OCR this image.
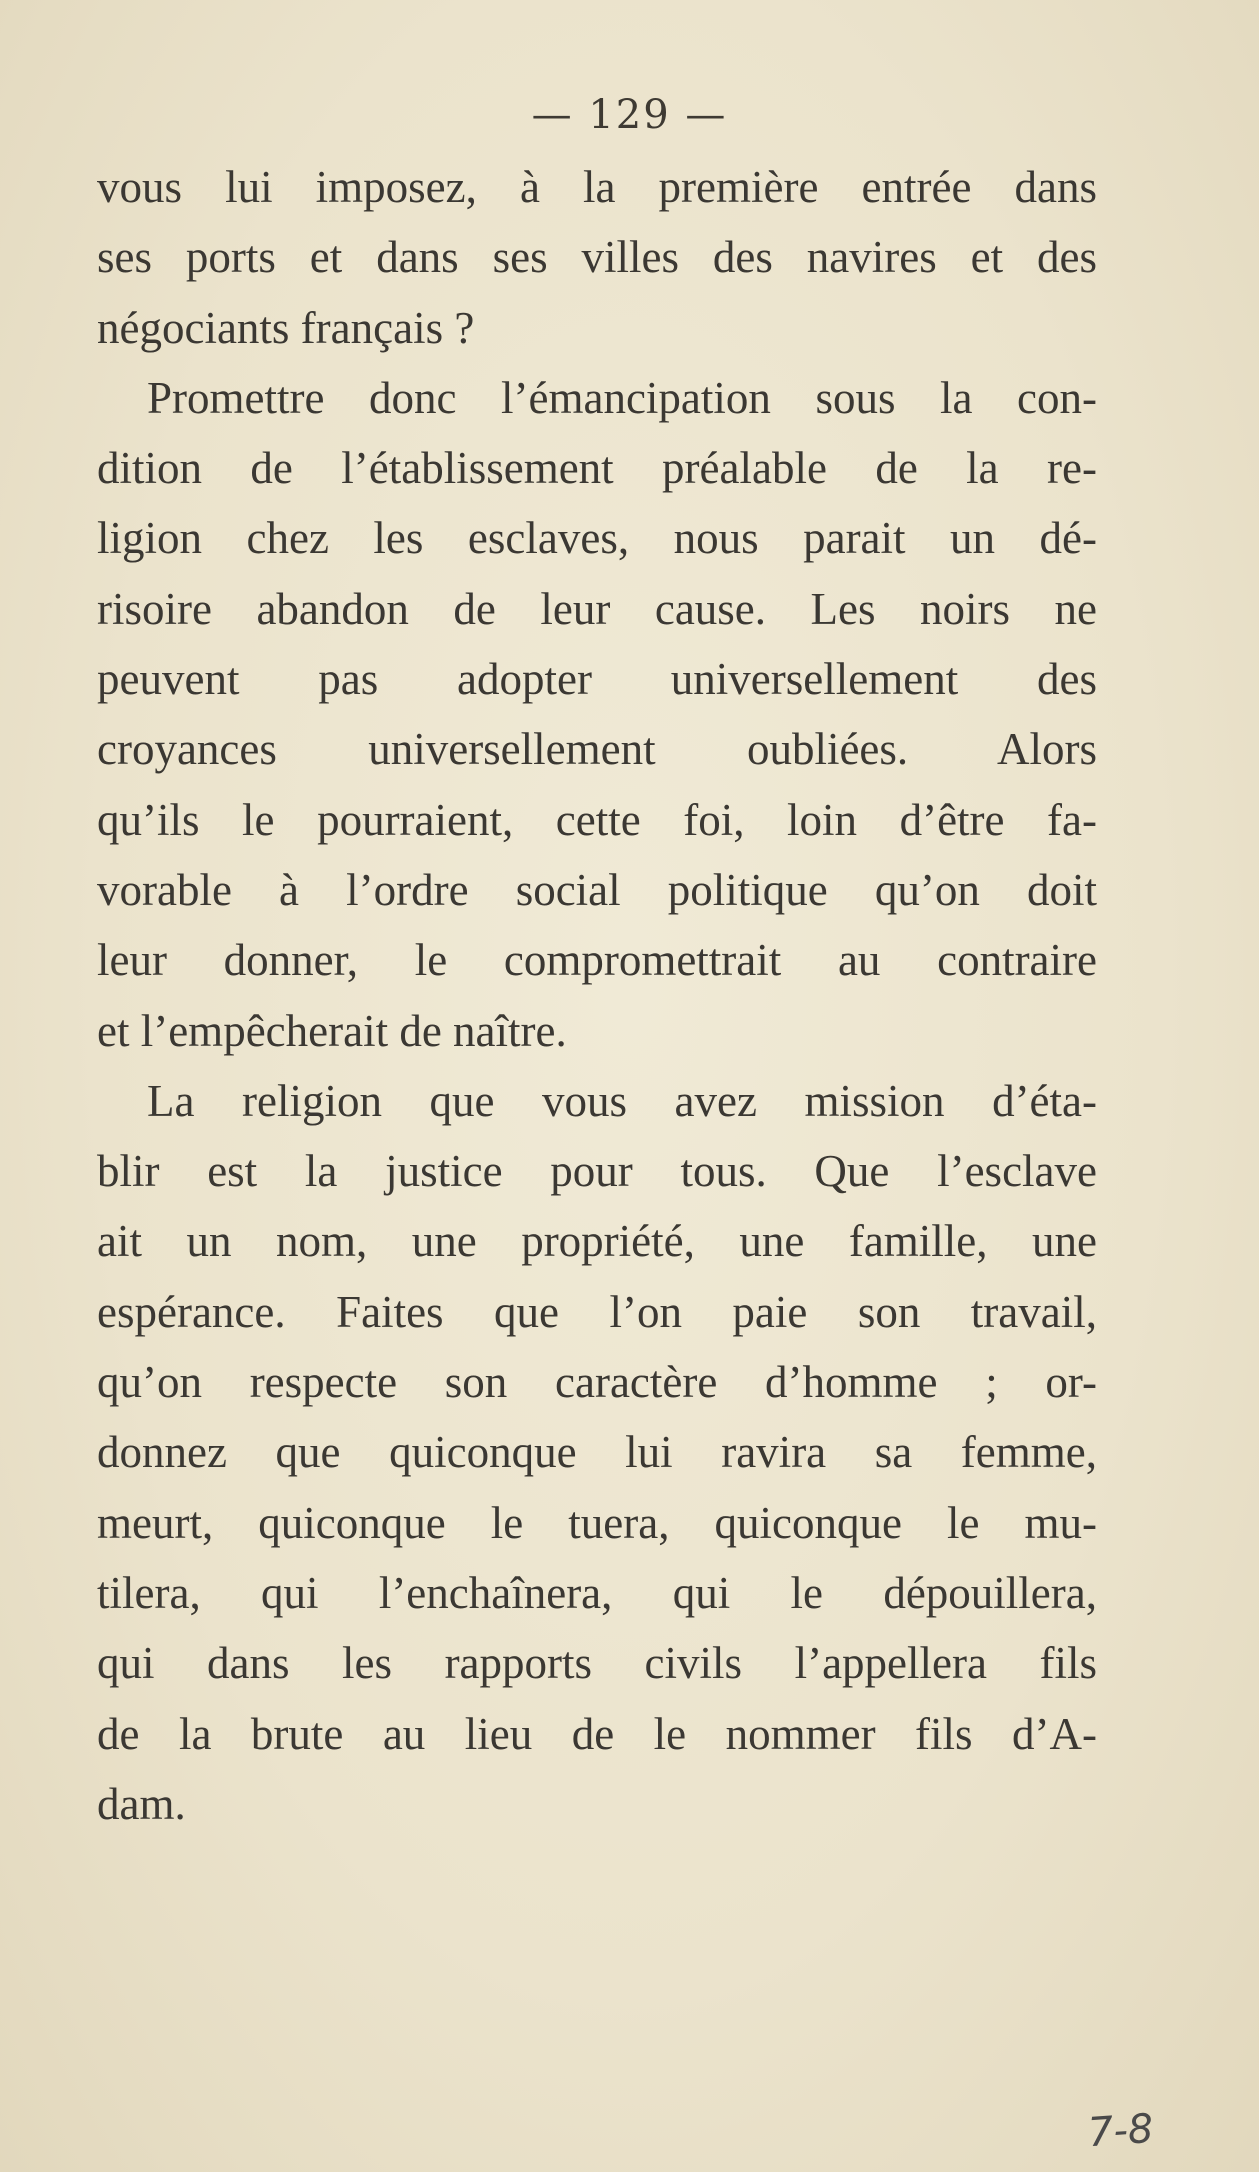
— 129 —
vous lui imposez, à la première entrée dans
ses ports et dans ses villes des navires et des
négociants français ?
Promettre donc l’émancipation sous la con-
dition de l’établissement préalable de la re-
ligion chez les esclaves, nous parait un dé-
risoire abandon de leur cause. Les noirs ne
peuvent pas adopter universellement des
croyances universellement oubliées. Alors
qu’ils le pourraient, cette foi, loin d’être fa-
vorable à l’ordre social politique qu’on doit
leur donner, le compromettrait au contraire
et l’empêcherait de naître.
La religion que vous avez mission d’éta-
blir est la justice pour tous. Que l’esclave
ait un nom, une propriété, une famille, une
espérance. Faites que l’on paie son travail,
qu’on respecte son caractère d’homme ; or-
donnez que quiconque lui ravira sa femme,
meurt, quiconque le tuera, quiconque le mu-
tilera, qui l’enchaînera, qui le dépouillera,
qui dans les rapports civils l’appellera fils
de la brute au lieu de le nommer fils d’A-
dam.
7-8
